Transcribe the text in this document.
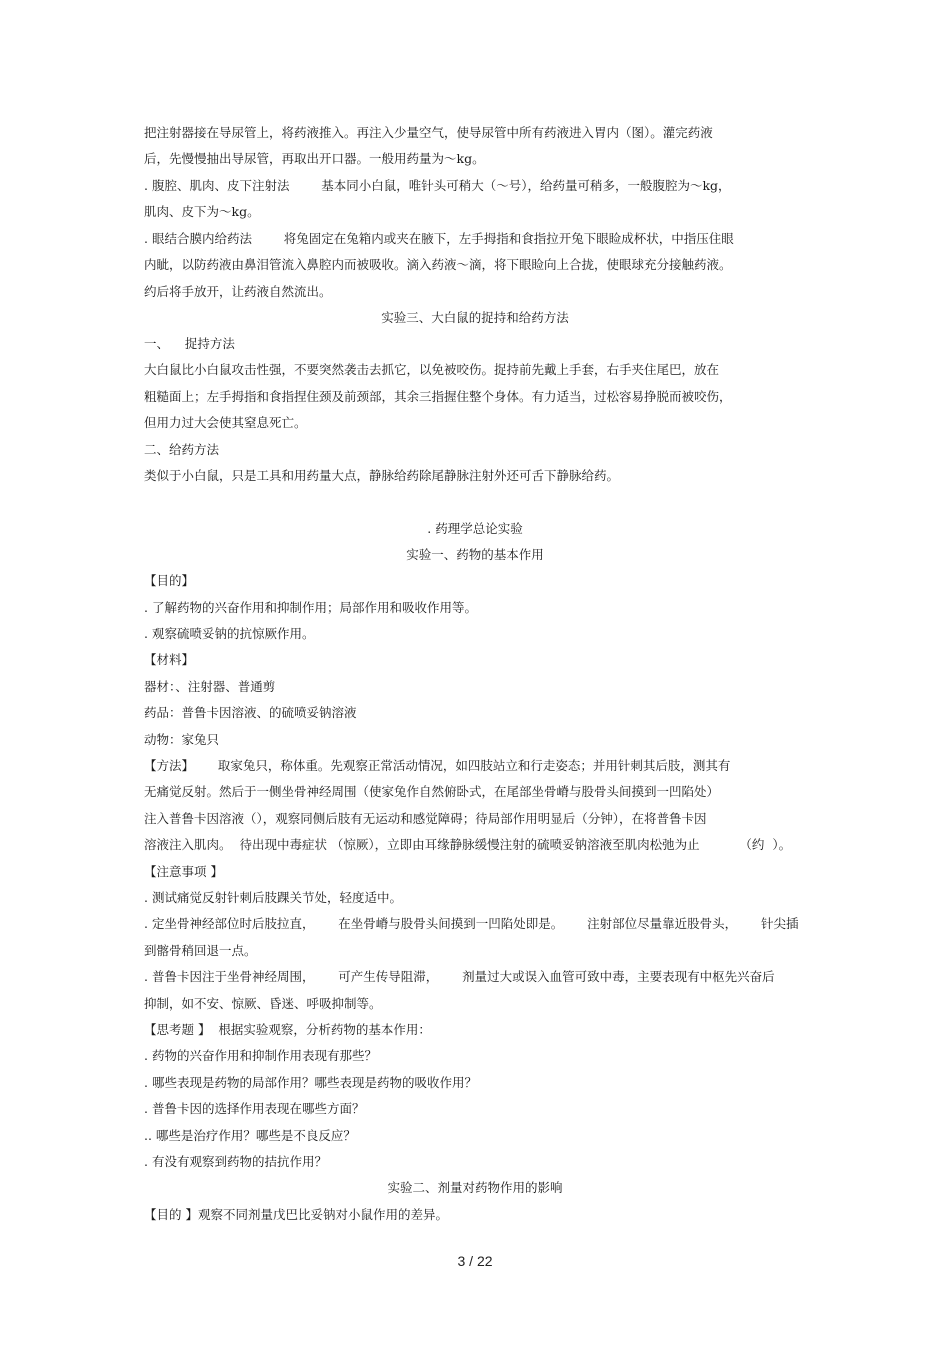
把注射器接在导尿管上，将药液推入。再注入少量空气，使导尿管中所有药液进入胃内（图）。灌完药液
后，先慢慢抽出导尿管，再取出开口器。一般用药量为～kg。
. 腹腔、肌肉、皮下注射法        基本同小白鼠，唯针头可稍大（～号），给药量可稍多，一般腹腔为～kg，
肌肉、皮下为～kg。
. 眼结合膜内给药法        将兔固定在兔箱内或夹在腋下，左手拇指和食指拉开兔下眼睑成杯状，中指压住眼
内眦，以防药液由鼻泪管流入鼻腔内而被吸收。滴入药液～滴，将下眼睑向上合拢，使眼球充分接触药液。
约后将手放开，让药液自然流出。
实验三、大白鼠的捉持和给药方法
一、    捉持方法
大白鼠比小白鼠攻击性强，不要突然袭击去抓它，以免被咬伤。捉持前先戴上手套，右手夹住尾巴，放在
粗糙面上；左手拇指和食指捏住颈及前颈部，其余三指握住整个身体。有力适当，过松容易挣脱而被咬伤，
但用力过大会使其窒息死亡。
二、给药方法
类似于小白鼠，只是工具和用药量大点，静脉给药除尾静脉注射外还可舌下静脉给药。
. 药理学总论实验
实验一、药物的基本作用
【目的】
. 了解药物的兴奋作用和抑制作用；局部作用和吸收作用等。
. 观察硫喷妥钠的抗惊厥作用。
【材料】
器材：、注射器、普通剪
药品：普鲁卡因溶液、的硫喷妥钠溶液
动物：家兔只
【方法】      取家兔只，称体重。先观察正常活动情况，如四肢站立和行走姿态；并用针刺其后肢，测其有
无痛觉反射。然后于一侧坐骨神经周围（使家兔作自然俯卧式，在尾部坐骨嵴与股骨头间摸到一凹陷处）
注入普鲁卡因溶液（），观察同侧后肢有无运动和感觉障碍；待局部作用明显后（分钟），在将普鲁卡因
溶液注入肌肉。  待出现中毒症状 （惊厥），立即由耳缘静脉缓慢注射的硫喷妥钠溶液至肌肉松弛为止          （约  ）。
【注意事项 】
. 测试痛觉反射针刺后肢踝关节处，轻度适中。
. 定坐骨神经部位时后肢拉直，      在坐骨嵴与股骨头间摸到一凹陷处即是。      注射部位尽量靠近股骨头，      针尖插
到髂骨稍回退一点。
. 普鲁卡因注于坐骨神经周围，      可产生传导阻滞，      剂量过大或误入血管可致中毒，主要表现有中枢先兴奋后
抑制，如不安、惊厥、昏迷、呼吸抑制等。
【思考题 】  根据实验观察，分析药物的基本作用：
. 药物的兴奋作用和抑制作用表现有那些？
. 哪些表现是药物的局部作用？哪些表现是药物的吸收作用？
. 普鲁卡因的选择作用表现在哪些方面？
.. 哪些是治疗作用？哪些是不良反应？
. 有没有观察到药物的拮抗作用？
实验二、剂量对药物作用的影响
【目的 】观察不同剂量戊巴比妥钠对小鼠作用的差异。
3 / 22
